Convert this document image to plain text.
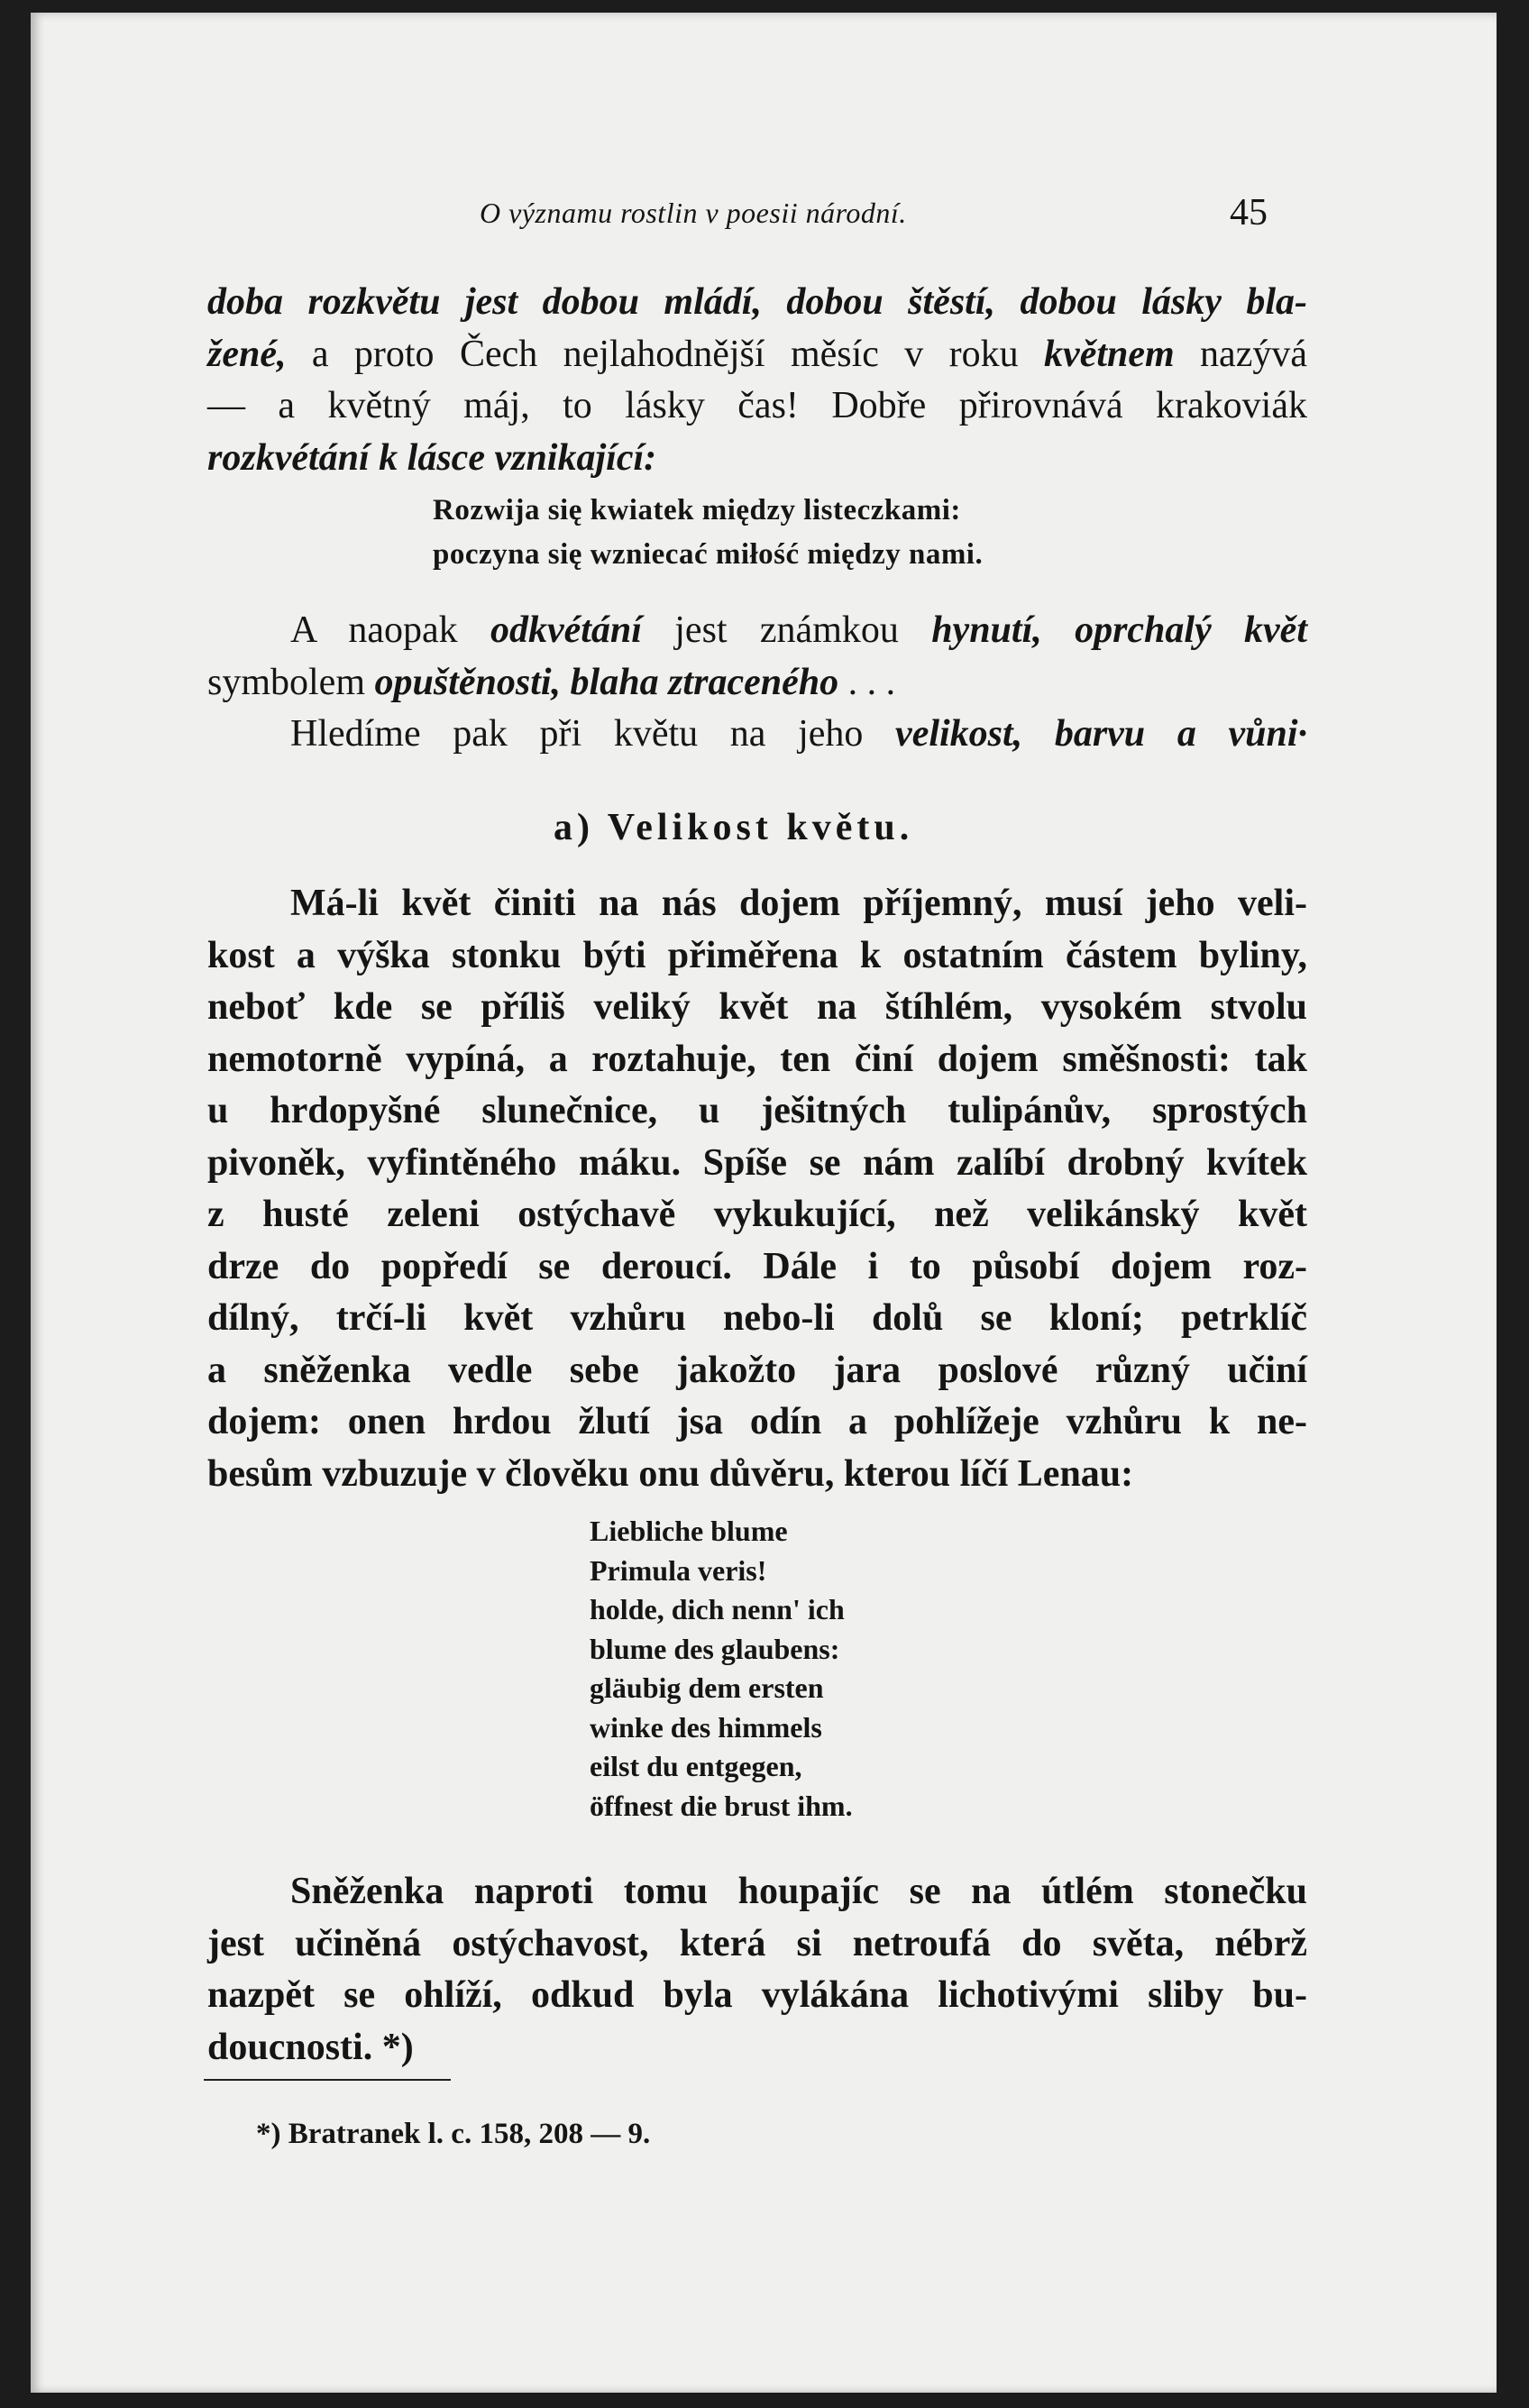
O významu rostlin v poesii národní.	45
doba rozkvětu jest dobou mládí, dobou štěstí, dobou lásky bla-
žené, a proto Čech nejlahodnější měsíc v roku květnem nazývá
— a květný máj, to lásky čas! Dobře přirovnává krakoviák
rozkvétání k lásce vznikající:
Rozwija się kwiatek między listeczkami:
poczyna się wzniecać miłość między nami.
A naopak odkvétání jest známkou hynutí, oprchalý květ
symbolem opuštěnosti, blaha ztraceného . . .
Hledíme pak při květu na jeho velikost, barvu a vůni·
a) Velikost květu.
Má-li květ činiti na nás dojem příjemný, musí jeho veli-
kost a výška stonku býti přiměřena k ostatním částem byliny,
neboť kde se příliš veliký květ na štíhlém, vysokém stvolu
nemotorně vypíná, a roztahuje, ten činí dojem směšnosti: tak
u hrdopyšné slunečnice, u ješitných tulipánův, sprostých
pivoněk, vyfintěného máku. Spíše se nám zalíbí drobný kvítek
z husté zeleni ostýchavě vykukující, než velikánský květ
drze do popředí se deroucí. Dále i to působí dojem roz-
dílný, trčí-li květ vzhůru nebo-li dolů se kloní; petrklíč
a sněženka vedle sebe jakožto jara poslové různý učiní
dojem: onen hrdou žlutí jsa odín a pohlížeje vzhůru k ne-
besům vzbuzuje v člověku onu důvěru, kterou líčí Lenau:
Liebliche blume
Primula veris!
holde, dich nenn' ich
blume des glaubens:
gläubig dem ersten
winke des himmels
eilst du entgegen,
öffnest die brust ihm.
Sněženka naproti tomu houpajíc se na útlém stonečku
jest učiněná ostýchavost, která si netroufá do světa, nébrž
nazpět se ohlíží, odkud byla vylákána lichotivými sliby bu-
doucnosti. *)
*) Bratranek l. c. 158, 208 — 9.
